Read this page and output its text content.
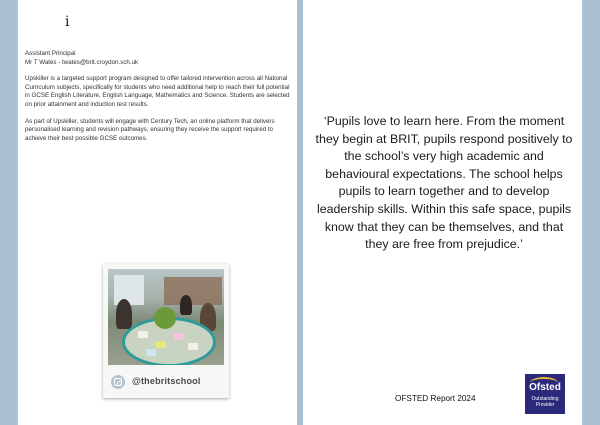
i

Assistant Principal
Mr T Wates - twates@brit.croydon.sch.uk

Upskiller is a targeted support program designed to offer tailored intervention across all National Curriculum subjects, specifically for students who need additional help to reach their full potential in GCSE English Literature, English Language, Mathematics and Science. Students are selected on prior attainment and induction test results.

As part of Upskiller, students will engage with Century Tech, an online platform that delivers personalised learning and revision pathways, ensuring they receive the support required to achieve their best possible GCSE outcomes.

@thebritschool
‘Pupils love to learn here. From the moment they begin at BRIT, pupils respond positively to the school’s very high academic and behavioural expectations. The school helps pupils to learn together and to develop leadership skills. Within this safe space, pupils know that they can be themselves, and that they are free from prejudice.’
OFSTED Report 2024
Ofsted
Outstanding
Provider
